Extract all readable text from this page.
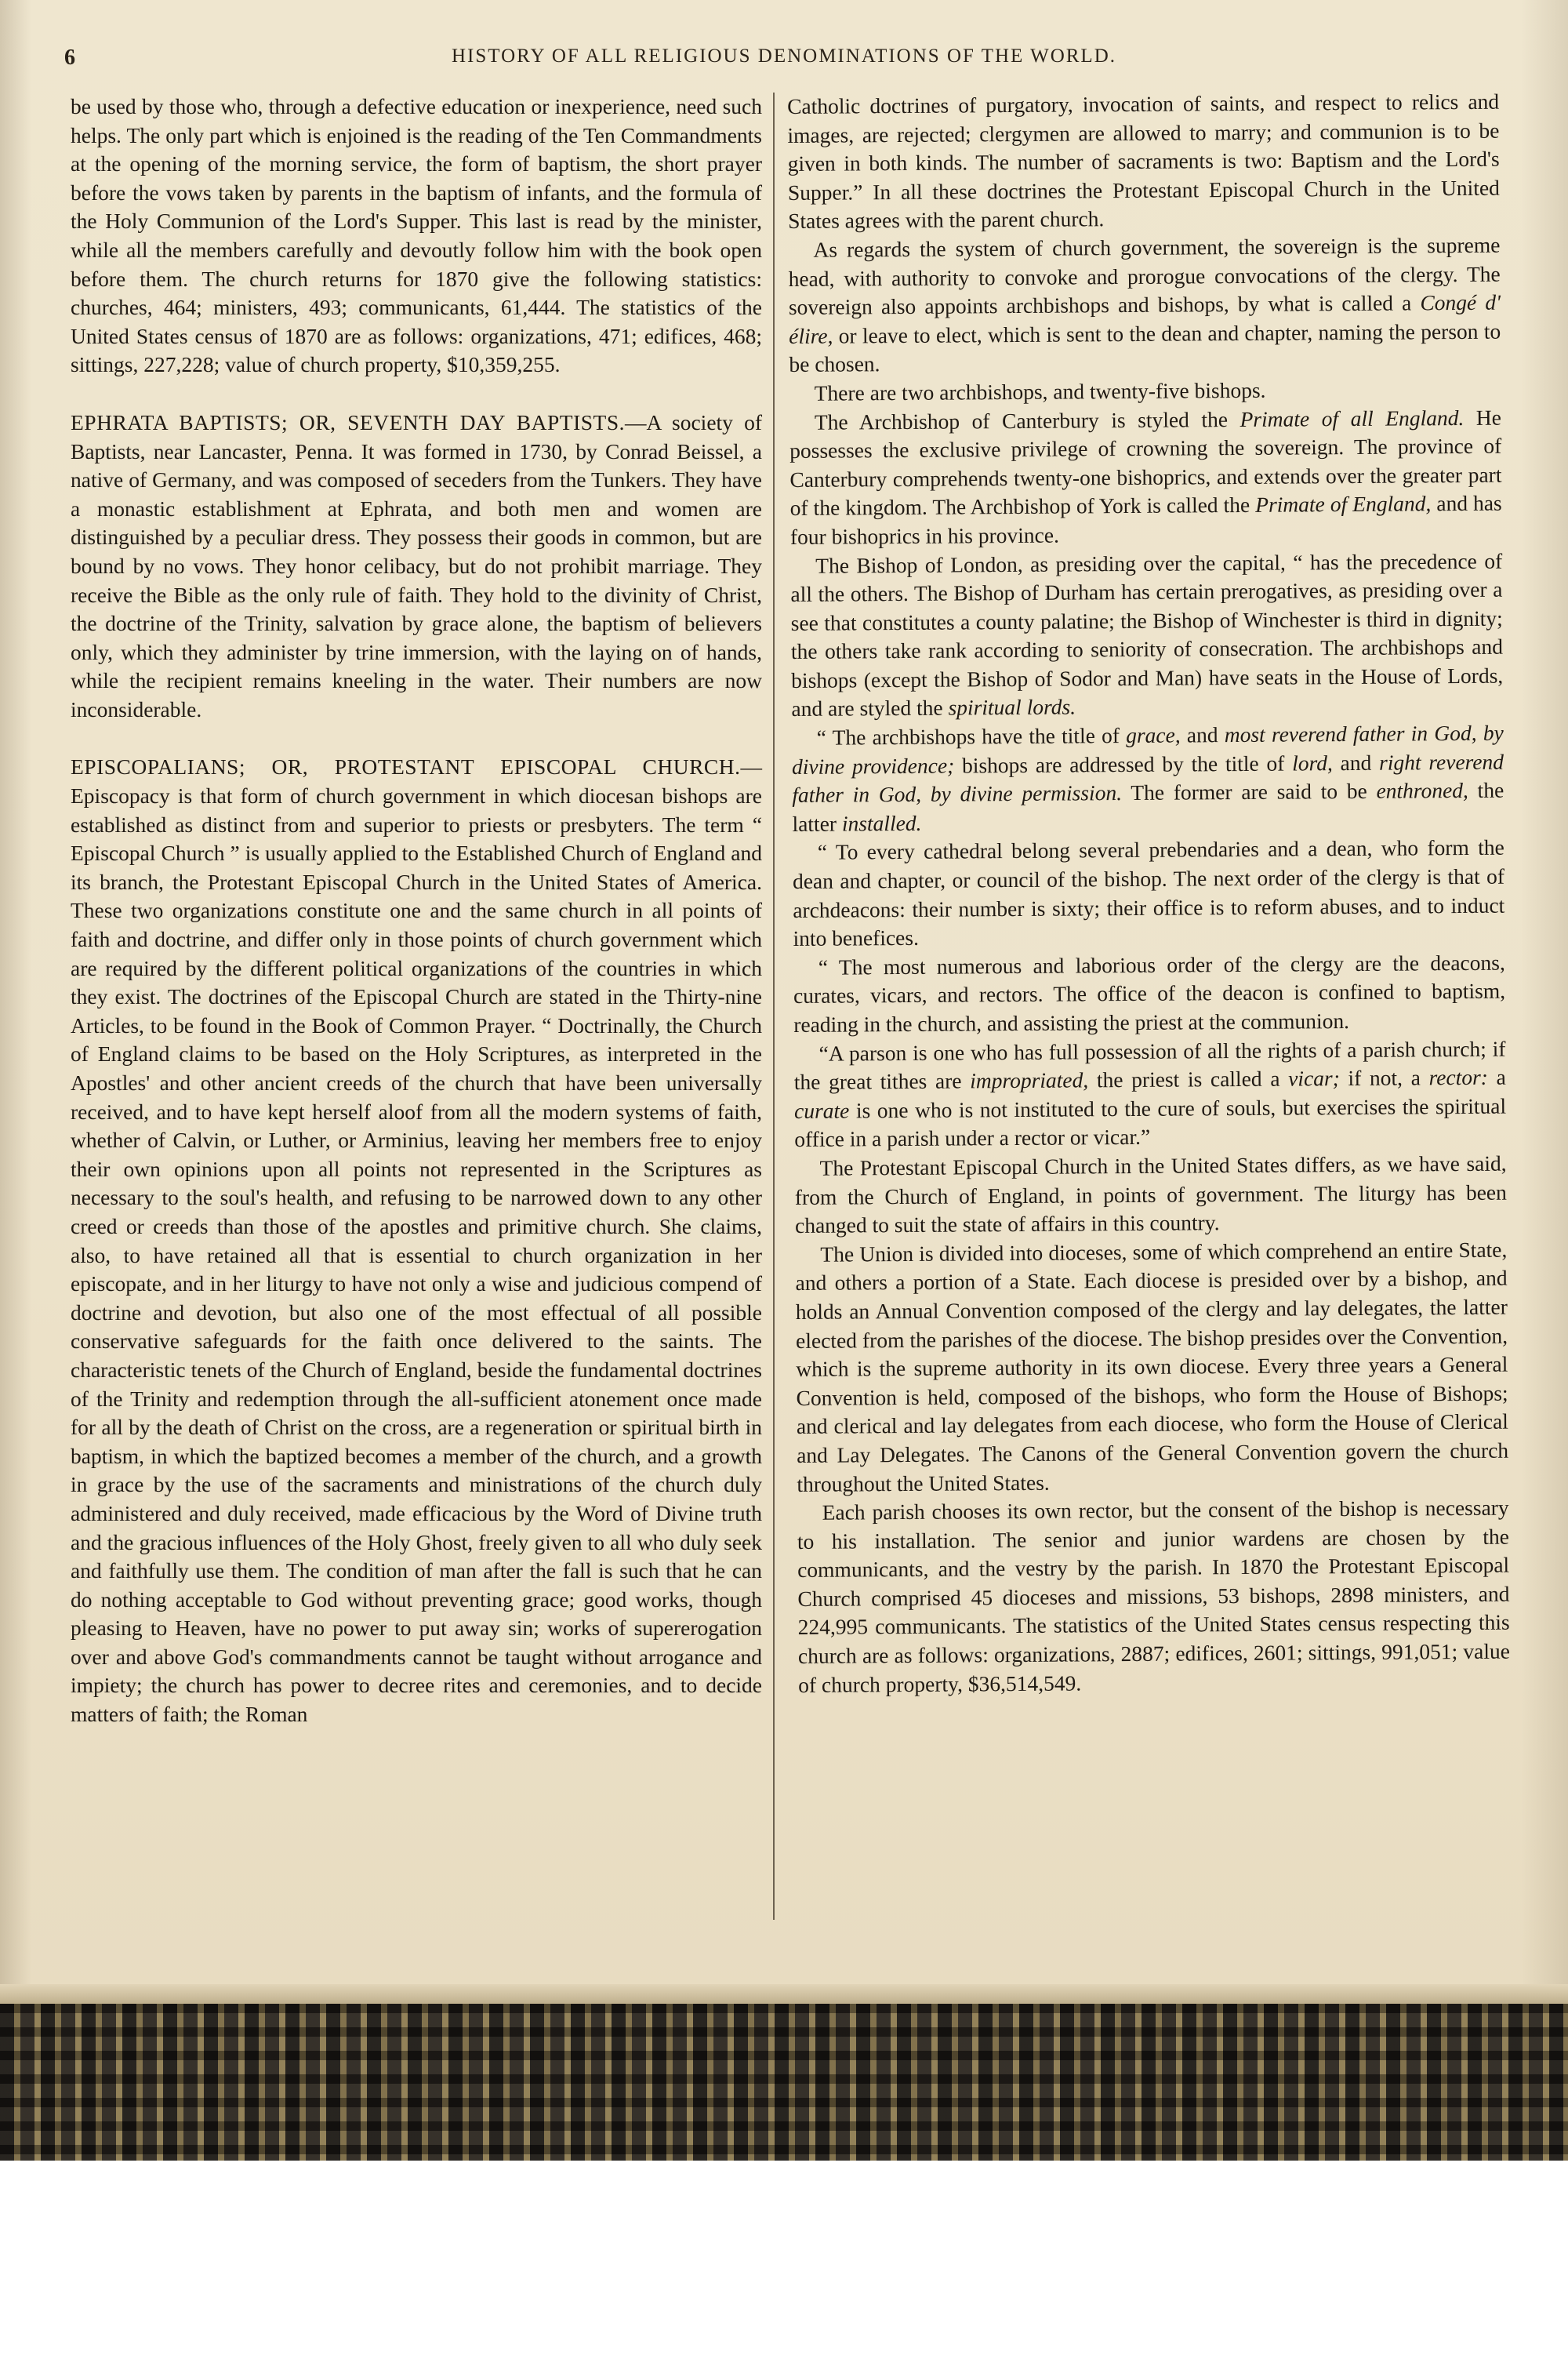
6	HISTORY OF ALL RELIGIOUS DENOMINATIONS OF THE WORLD.

be used by those who, through a defective education or inexperience, need such helps. The only part which is enjoined is the reading of the Ten Commandments at the opening of the morning service, the form of baptism, the short prayer before the vows taken by parents in the baptism of infants, and the formula of the Holy Communion of the Lord's Supper. This last is read by the minister, while all the members carefully and devoutly follow him with the book open before them. The church returns for 1870 give the following statistics: churches, 464; ministers, 493; communicants, 61,444. The statistics of the United States census of 1870 are as follows: organizations, 471; edifices, 468; sittings, 227,228; value of church property, $10,359,255.

EPHRATA BAPTISTS; OR, SEVENTH DAY BAPTISTS.—A society of Baptists, near Lancaster, Penna. It was formed in 1730, by Conrad Beissel, a native of Germany, and was composed of seceders from the Tunkers. They have a monastic establishment at Ephrata, and both men and women are distinguished by a peculiar dress. They possess their goods in common, but are bound by no vows. They honor celibacy, but do not prohibit marriage. They receive the Bible as the only rule of faith. They hold to the divinity of Christ, the doctrine of the Trinity, salvation by grace alone, the baptism of believers only, which they administer by trine immersion, with the laying on of hands, while the recipient remains kneeling in the water. Their numbers are now inconsiderable.

EPISCOPALIANS; OR, PROTESTANT EPISCOPAL CHURCH.—Episcopacy is that form of church government in which diocesan bishops are established as distinct from and superior to priests or presbyters. The term “ Episcopal Church ” is usually applied to the Established Church of England and its branch, the Protestant Episcopal Church in the United States of America. These two organizations constitute one and the same church in all points of faith and doctrine, and differ only in those points of church government which are required by the different political organizations of the countries in which they exist. The doctrines of the Episcopal Church are stated in the Thirty-nine Articles, to be found in the Book of Common Prayer. “ Doctrinally, the Church of England claims to be based on the Holy Scriptures, as interpreted in the Apostles' and other ancient creeds of the church that have been universally received, and to have kept herself aloof from all the modern systems of faith, whether of Calvin, or Luther, or Arminius, leaving her members free to enjoy their own opinions upon all points not represented in the Scriptures as necessary to the soul's health, and refusing to be narrowed down to any other creed or creeds than those of the apostles and primitive church. She claims, also, to have retained all that is essential to church organization in her episcopate, and in her liturgy to have not only a wise and judicious compend of doctrine and devotion, but also one of the most effectual of all possible conservative safeguards for the faith once delivered to the saints. The characteristic tenets of the Church of England, beside the fundamental doctrines of the Trinity and redemption through the all-sufficient atonement once made for all by the death of Christ on the cross, are a regeneration or spiritual birth in baptism, in which the baptized becomes a member of the church, and a growth in grace by the use of the sacraments and ministrations of the church duly administered and duly received, made efficacious by the Word of Divine truth and the gracious influences of the Holy Ghost, freely given to all who duly seek and faithfully use them. The condition of man after the fall is such that he can do nothing acceptable to God without preventing grace; good works, though pleasing to Heaven, have no power to put away sin; works of supererogation over and above God's commandments cannot be taught without arrogance and impiety; the church has power to decree rites and ceremonies, and to decide matters of faith; the Roman

Catholic doctrines of purgatory, invocation of saints, and respect to relics and images, are rejected; clergymen are allowed to marry; and communion is to be given in both kinds. The number of sacraments is two: Baptism and the Lord's Supper.” In all these doctrines the Protestant Episcopal Church in the United States agrees with the parent church.

As regards the system of church government, the sovereign is the supreme head, with authority to convoke and prorogue convocations of the clergy. The sovereign also appoints archbishops and bishops, by what is called a Congé d' élire, or leave to elect, which is sent to the dean and chapter, naming the person to be chosen.

There are two archbishops, and twenty-five bishops.

The Archbishop of Canterbury is styled the Primate of all England. He possesses the exclusive privilege of crowning the sovereign. The province of Canterbury comprehends twenty-one bishoprics, and extends over the greater part of the kingdom. The Archbishop of York is called the Primate of England, and has four bishoprics in his province.

The Bishop of London, as presiding over the capital, “ has the precedence of all the others. The Bishop of Durham has certain prerogatives, as presiding over a see that constitutes a county palatine; the Bishop of Winchester is third in dignity; the others take rank according to seniority of consecration. The archbishops and bishops (except the Bishop of Sodor and Man) have seats in the House of Lords, and are styled the spiritual lords.

“ The archbishops have the title of grace, and most reverend father in God, by divine providence; bishops are addressed by the title of lord, and right reverend father in God, by divine permission. The former are said to be enthroned, the latter installed.

“ To every cathedral belong several prebendaries and a dean, who form the dean and chapter, or council of the bishop. The next order of the clergy is that of archdeacons: their number is sixty; their office is to reform abuses, and to induct into benefices.

“ The most numerous and laborious order of the clergy are the deacons, curates, vicars, and rectors. The office of the deacon is confined to baptism, reading in the church, and assisting the priest at the communion.

“A parson is one who has full possession of all the rights of a parish church; if the great tithes are impropriated, the priest is called a vicar; if not, a rector: a curate is one who is not instituted to the cure of souls, but exercises the spiritual office in a parish under a rector or vicar.”

The Protestant Episcopal Church in the United States differs, as we have said, from the Church of England, in points of government. The liturgy has been changed to suit the state of affairs in this country.

The Union is divided into dioceses, some of which comprehend an entire State, and others a portion of a State. Each diocese is presided over by a bishop, and holds an Annual Convention composed of the clergy and lay delegates, the latter elected from the parishes of the diocese. The bishop presides over the Convention, which is the supreme authority in its own diocese. Every three years a General Convention is held, composed of the bishops, who form the House of Bishops; and clerical and lay delegates from each diocese, who form the House of Clerical and Lay Delegates. The Canons of the General Convention govern the church throughout the United States.

Each parish chooses its own rector, but the consent of the bishop is necessary to his installation. The senior and junior wardens are chosen by the communicants, and the vestry by the parish. In 1870 the Protestant Episcopal Church comprised 45 dioceses and missions, 53 bishops, 2898 ministers, and 224,995 communicants. The statistics of the United States census respecting this church are as follows: organizations, 2887; edifices, 2601; sittings, 991,051; value of church property, $36,514,549.
